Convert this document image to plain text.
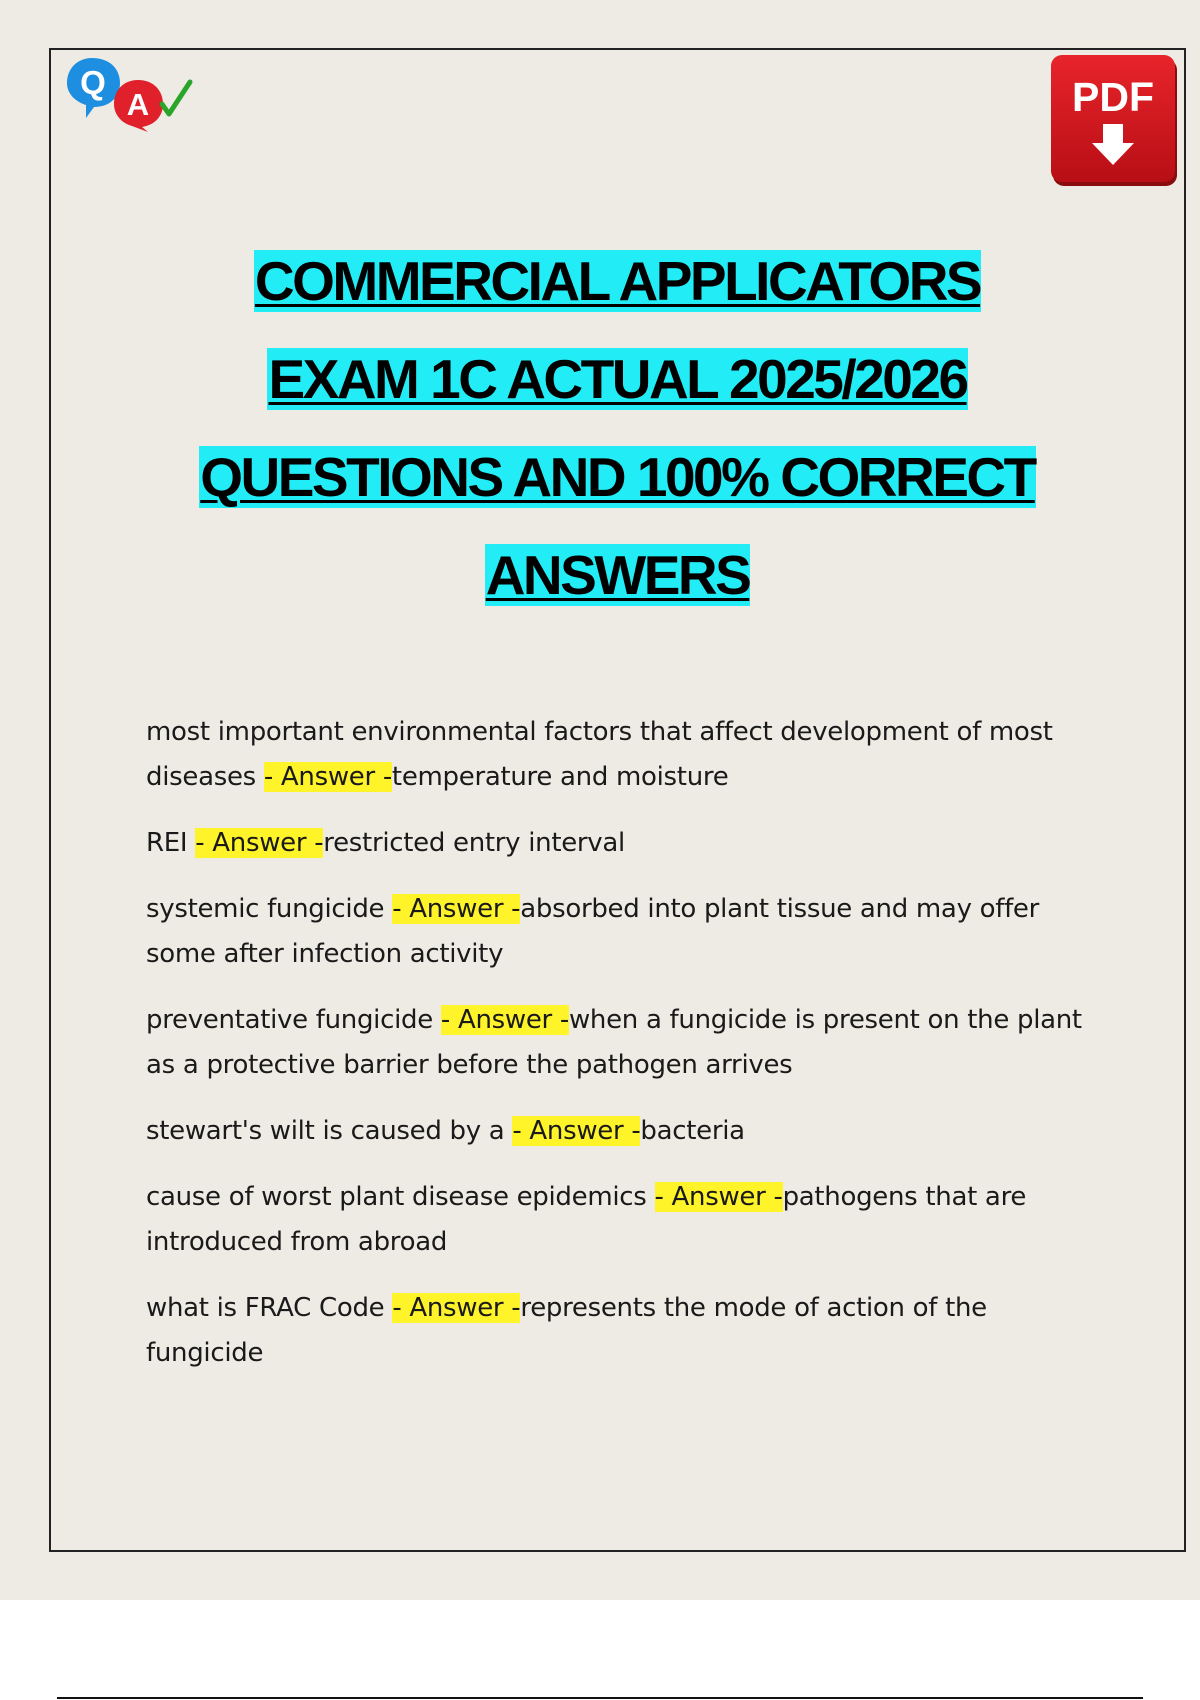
Q
A	PDF
COMMERCIAL APPLICATORS
EXAM 1C ACTUAL 2025/2026
QUESTIONS AND 100% CORRECT
ANSWERS

most important environmental factors that affect development of most diseases - Answer -temperature and moisture

REI - Answer -restricted entry interval

systemic fungicide - Answer -absorbed into plant tissue and may offer some after infection activity

preventative fungicide - Answer -when a fungicide is present on the plant as a protective barrier before the pathogen arrives

stewart's wilt is caused by a - Answer -bacteria

cause of worst plant disease epidemics - Answer -pathogens that are introduced from abroad

what is FRAC Code - Answer -represents the mode of action of the fungicide
